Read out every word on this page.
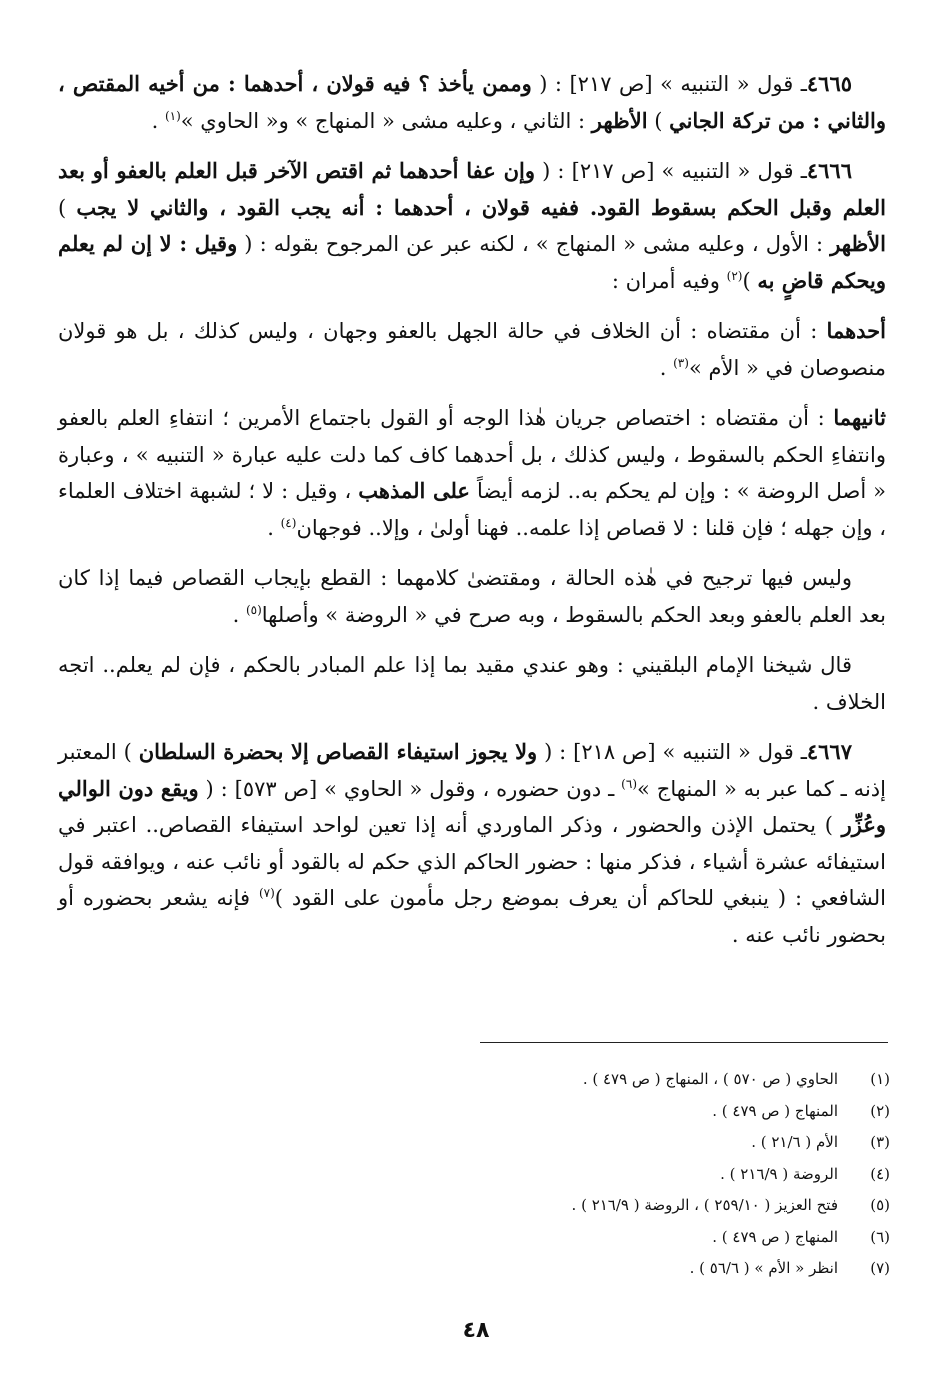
٤٦٦٥ـ قول « التنبيه » [ص ٢١٧] : ( وممن يأخذ ؟ فيه قولان ، أحدهما : من أخيه المقتص ، والثاني : من تركة الجاني ) الأظهر : الثاني ، وعليه مشى « المنهاج » و« الحاوي »$^{(١)}$ .

٤٦٦٦ـ قول « التنبيه » [ص ٢١٧] : ( وإن عفا أحدهما ثم اقتص الآخر قبل العلم بالعفو أو بعد العلم وقبل الحكم بسقوط القود. ففيه قولان ، أحدهما : أنه يجب القود ، والثاني لا يجب ) الأظهر : الأول ، وعليه مشى « المنهاج » ، لكنه عبر عن المرجوح بقوله : ( وقيل : لا إن لم يعلم ويحكم قاضٍ به )$^{(٢)}$ وفيه أمران :

أحدهما : أن مقتضاه : أن الخلاف في حالة الجهل بالعفو وجهان ، وليس كذلك ، بل هو قولان منصوصان في « الأم »$^{(٣)}$ .

ثانيهما : أن مقتضاه : اختصاص جريان هٰذا الوجه أو القول باجتماع الأمرين ؛ انتفاءِ العلم بالعفو وانتفاءِ الحكم بالسقوط ، وليس كذلك ، بل أحدهما كاف كما دلت عليه عبارة « التنبيه » ، وعبارة « أصل الروضة » : وإن لم يحكم به.. لزمه أيضاً على المذهب ، وقيل : لا ؛ لشبهة اختلاف العلماء ، وإن جهله ؛ فإن قلنا : لا قصاص إذا علمه.. فهنا أولىٰ ، وإلا.. فوجهان$^{(٤)}$ .

وليس فيها ترجيح في هٰذه الحالة ، ومقتضىٰ كلامهما : القطع بإيجاب القصاص فيما إذا كان بعد العلم بالعفو وبعد الحكم بالسقوط ، وبه صرح في « الروضة » وأصلها$^{(٥)}$ .

قال شيخنا الإمام البلقيني : وهو عندي مقيد بما إذا علم المبادر بالحكم ، فإن لم يعلم.. اتجه الخلاف .

٤٦٦٧ـ قول « التنبيه » [ص ٢١٨] : ( ولا يجوز استيفاء القصاص إلا بحضرة السلطان ) المعتبر إذنه ـ كما عبر به « المنهاج »$^{(٦)}$ ـ دون حضوره ، وقول « الحاوي » [ص ٥٧٣] : ( ويقع دون الوالي وعُزِّر ) يحتمل الإذن والحضور ، وذكر الماوردي أنه إذا تعين لواحد استيفاء القصاص.. اعتبر في استيفائه عشرة أشياء ، فذكر منها : حضور الحاكم الذي حكم له بالقود أو نائب عنه ، ويوافقه قول الشافعي : ( ينبغي للحاكم أن يعرف بموضع رجل مأمون على القود )$^{(٧)}$ فإنه يشعر بحضوره أو بحضور نائب عنه .

(١)
الحاوي ( ص ٥٧٠ ) ، المنهاج ( ص ٤٧٩ ) .
(٢)
المنهاج ( ص ٤٧٩ ) .
(٣)
الأم ( ٢١/٦ ) .
(٤)
الروضة ( ٢١٦/٩ ) .
(٥)
فتح العزيز ( ٢٥٩/١٠ ) ، الروضة ( ٢١٦/٩ ) .
(٦)
المنهاج ( ص ٤٧٩ ) .
(٧)
انظر « الأم » ( ٥٦/٦ ) .
٤٨
